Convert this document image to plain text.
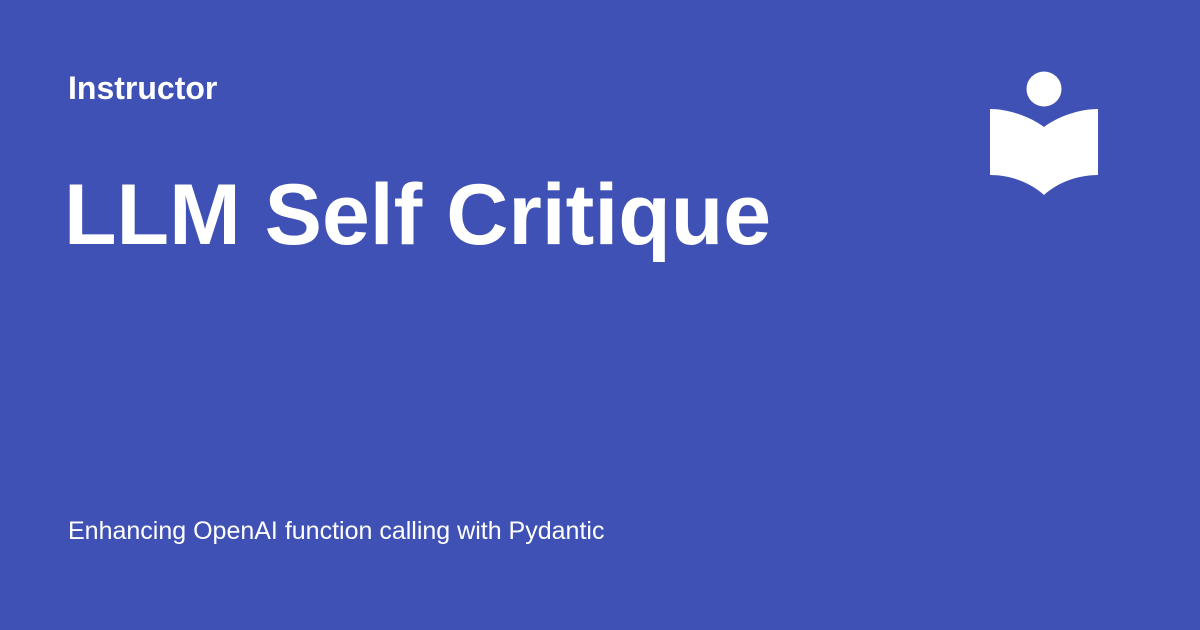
Instructor
LLM Self Critique

Enhancing OpenAI function calling with Pydantic
